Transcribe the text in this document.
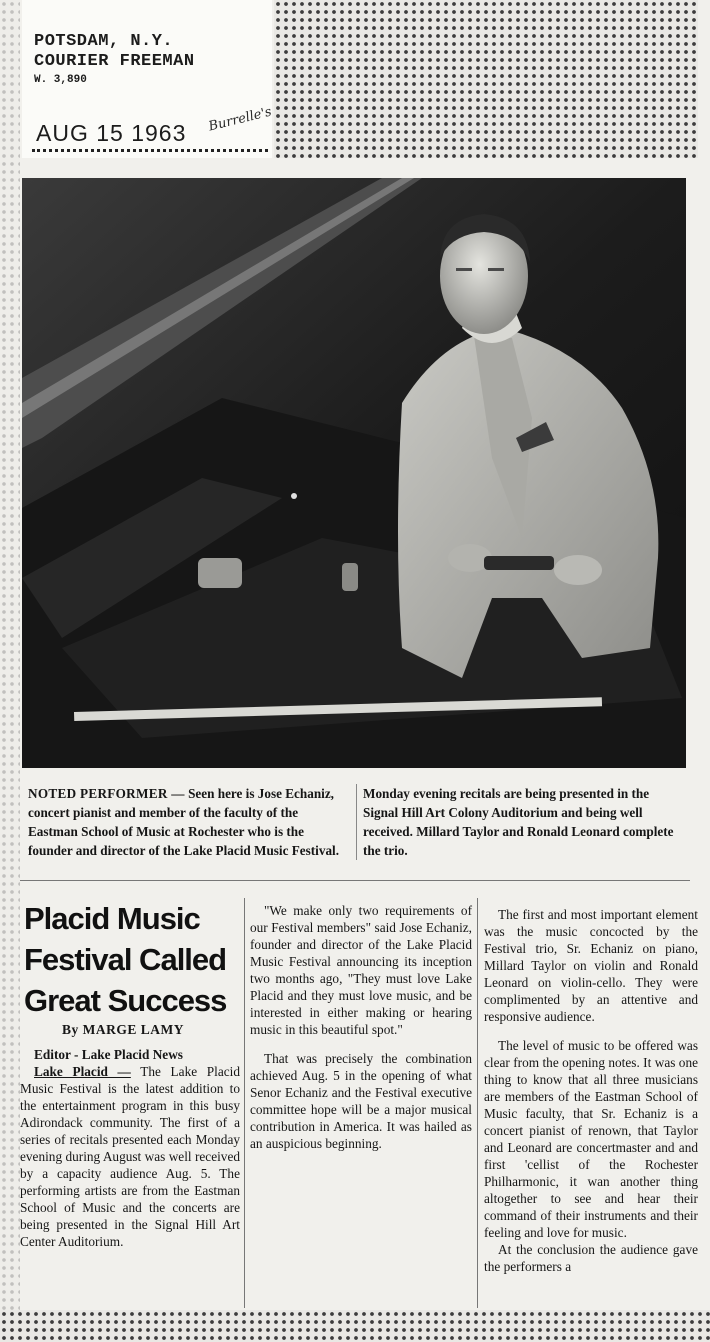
POTSDAM, N.Y.
COURIER FREEMAN
W. 3,890
AUG 15 1963 Burrelle's
NOTED PERFORMER — Seen here is Jose Echaniz, concert pianist and member of the faculty of the Eastman School of Music at Rochester who is the founder and director of the Lake Placid Music Festival. Monday evening recitals are being presented in the Signal Hill Art Colony Auditorium and being well received. Millard Taylor and Ronald Leonard complete the trio.
Placid Music
Festival Called
Great Success
By MARGE LAMY
Editor - Lake Placid News

Lake Placid — The Lake Placid Music Festival is the latest addition to the entertainment program in this busy Adirondack community. The first of a series of recitals presented each Monday evening during August was well received by a capacity audience Aug. 5. The performing artists are from the Eastman School of Music and the concerts are being presented in the Signal Hill Art Center Auditorium.

"We make only two requirements of our Festival members" said Jose Echaniz, founder and director of the Lake Placid Music Festival announcing its inception two months ago, "They must love Lake Placid and they must love music, and be interested in either making or hearing music in this beautiful spot."

That was precisely the combination achieved Aug. 5 in the opening of what Senor Echaniz and the Festival executive committee hope will be a major musical contribution in America. It was hailed as an auspicious beginning.

The first and most important element was the music concocted by the Festival trio, Sr. Echaniz on piano, Millard Taylor on violin and Ronald Leonard on violin-cello. They were complimented by an attentive and responsive audience.

The level of music to be offered was clear from the opening notes. It was one thing to know that all three musicians are members of the Eastman School of Music faculty, that Sr. Echaniz is a concert pianist of renown, that Taylor and Leonard are concertmaster and and first 'cellist of the Rochester Philharmonic, it wan another thing altogether to see and hear their command of their instruments and their feeling and love for music.

At the conclusion the audience gave the performers a
